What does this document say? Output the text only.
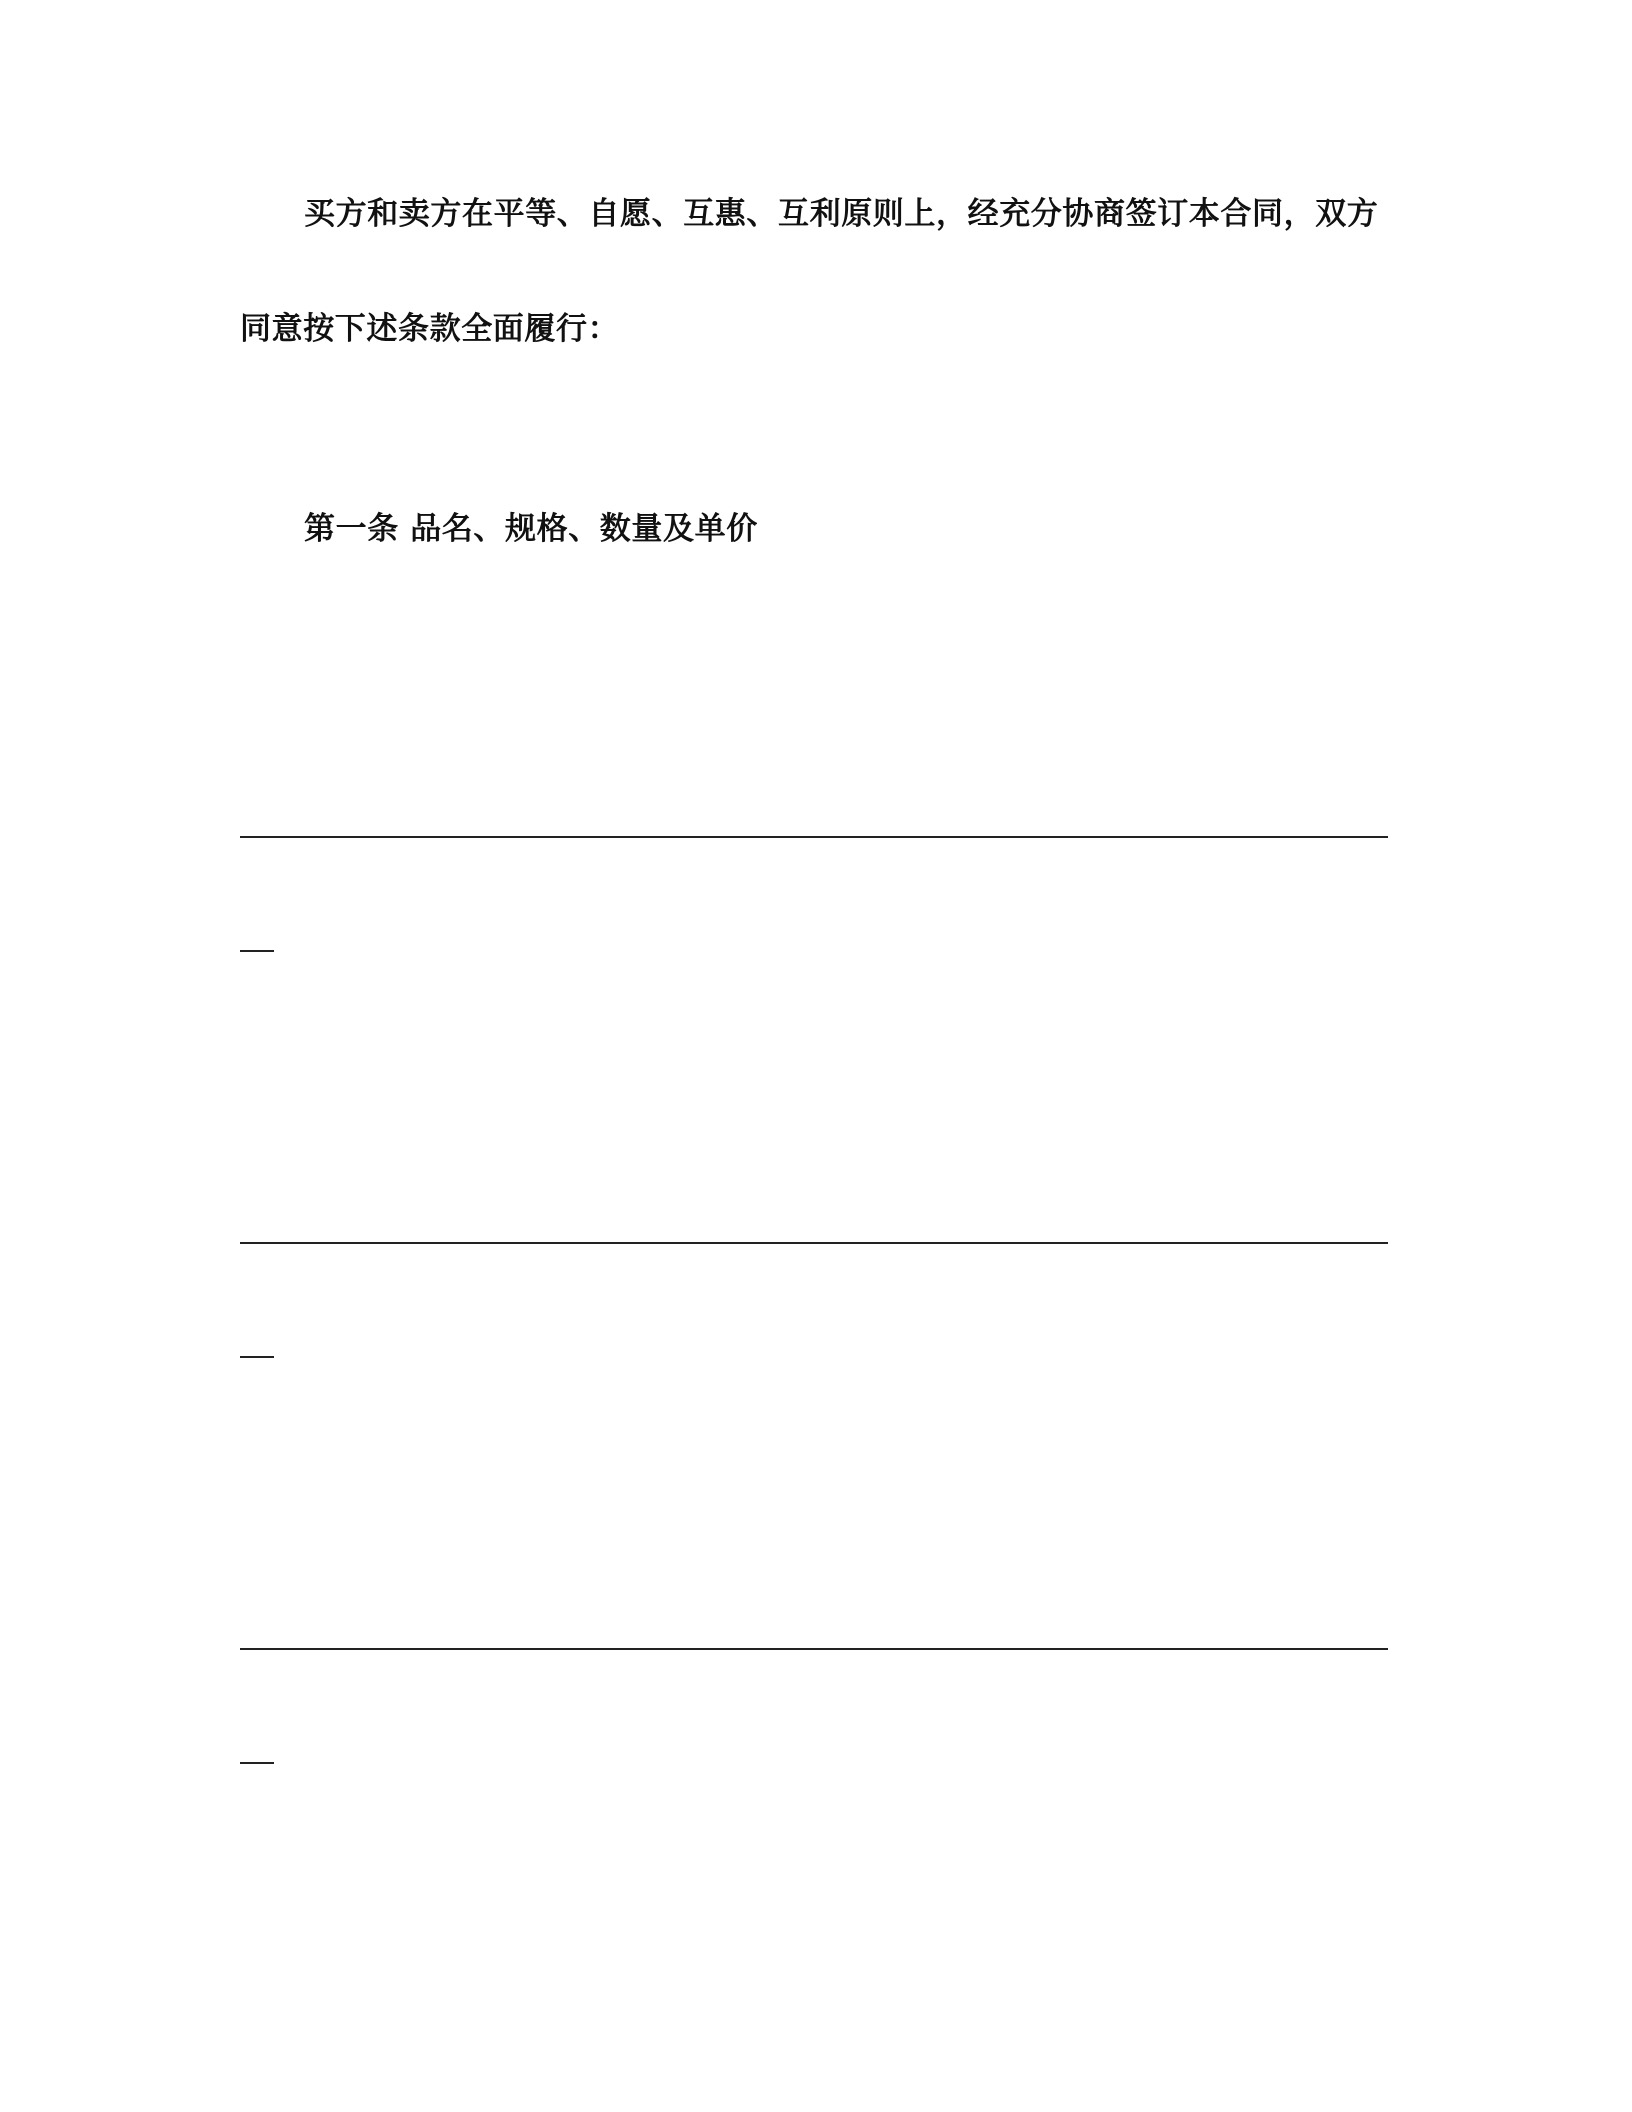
买方和卖方在平等、自愿、互惠、互利原则上，经充分协商签订本合同，双方
同意按下述条款全面履行：
第一条 品名、规格、数量及单价
